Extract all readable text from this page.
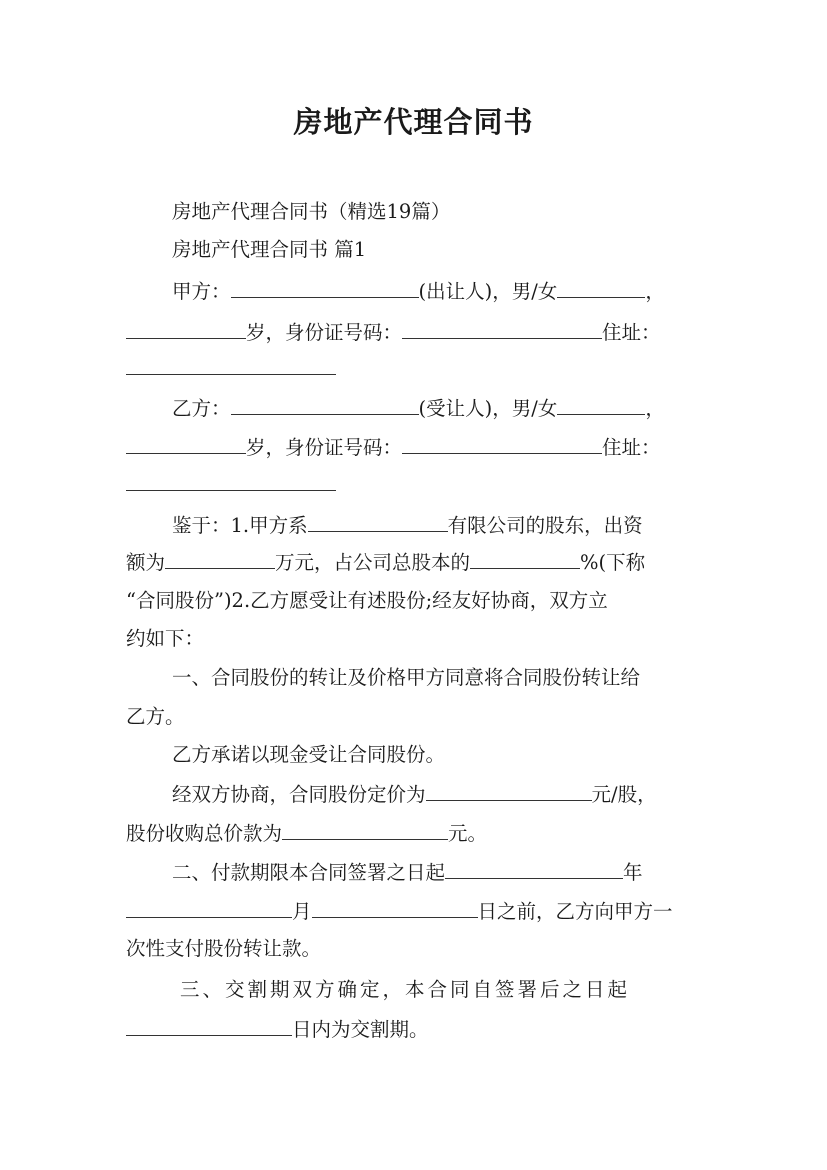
房地产代理合同书
房地产代理合同书（精选19篇）
房地产代理合同书 篇1
甲方：	(出让人)，男/女	，
岁，身份证号码：	住址：
乙方：	(受让人)，男/女	，
岁，身份证号码：	住址：
鉴于：1.甲方系	有限公司的股东，出资
额为	万元，占公司总股本的	%(下称
“合同股份”)2.乙方愿受让有述股份;经友好协商，双方立
约如下：
一、合同股份的转让及价格甲方同意将合同股份转让给
乙方。
乙方承诺以现金受让合同股份。
经双方协商，合同股份定价为	元/股，
股份收购总价款为	元。
二、付款期限本合同签署之日起	年
月	日之前，乙方向甲方一
次性支付股份转让款。
三、交割期双方确定，本合同自签署后之日起
日内为交割期。
